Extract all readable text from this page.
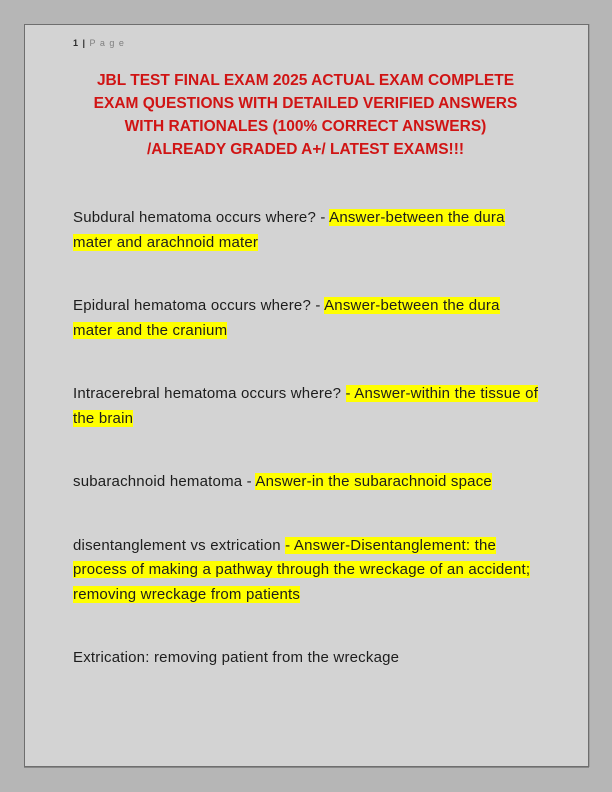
1 | P a g e
JBL TEST FINAL EXAM 2025 ACTUAL EXAM COMPLETE EXAM QUESTIONS WITH DETAILED VERIFIED ANSWERS WITH RATIONALES (100% CORRECT ANSWERS) /ALREADY GRADED A+/ LATEST EXAMS!!!

Subdural hematoma occurs where? - Answer-between the dura mater and arachnoid mater

Epidural hematoma occurs where? - Answer-between the dura mater and the cranium

Intracerebral hematoma occurs where? - Answer-within the tissue of the brain

subarachnoid hematoma - Answer-in the subarachnoid space

disentanglement vs extrication - Answer-Disentanglement: the process of making a pathway through the wreckage of an accident; removing wreckage from patients

Extrication: removing patient from the wreckage
